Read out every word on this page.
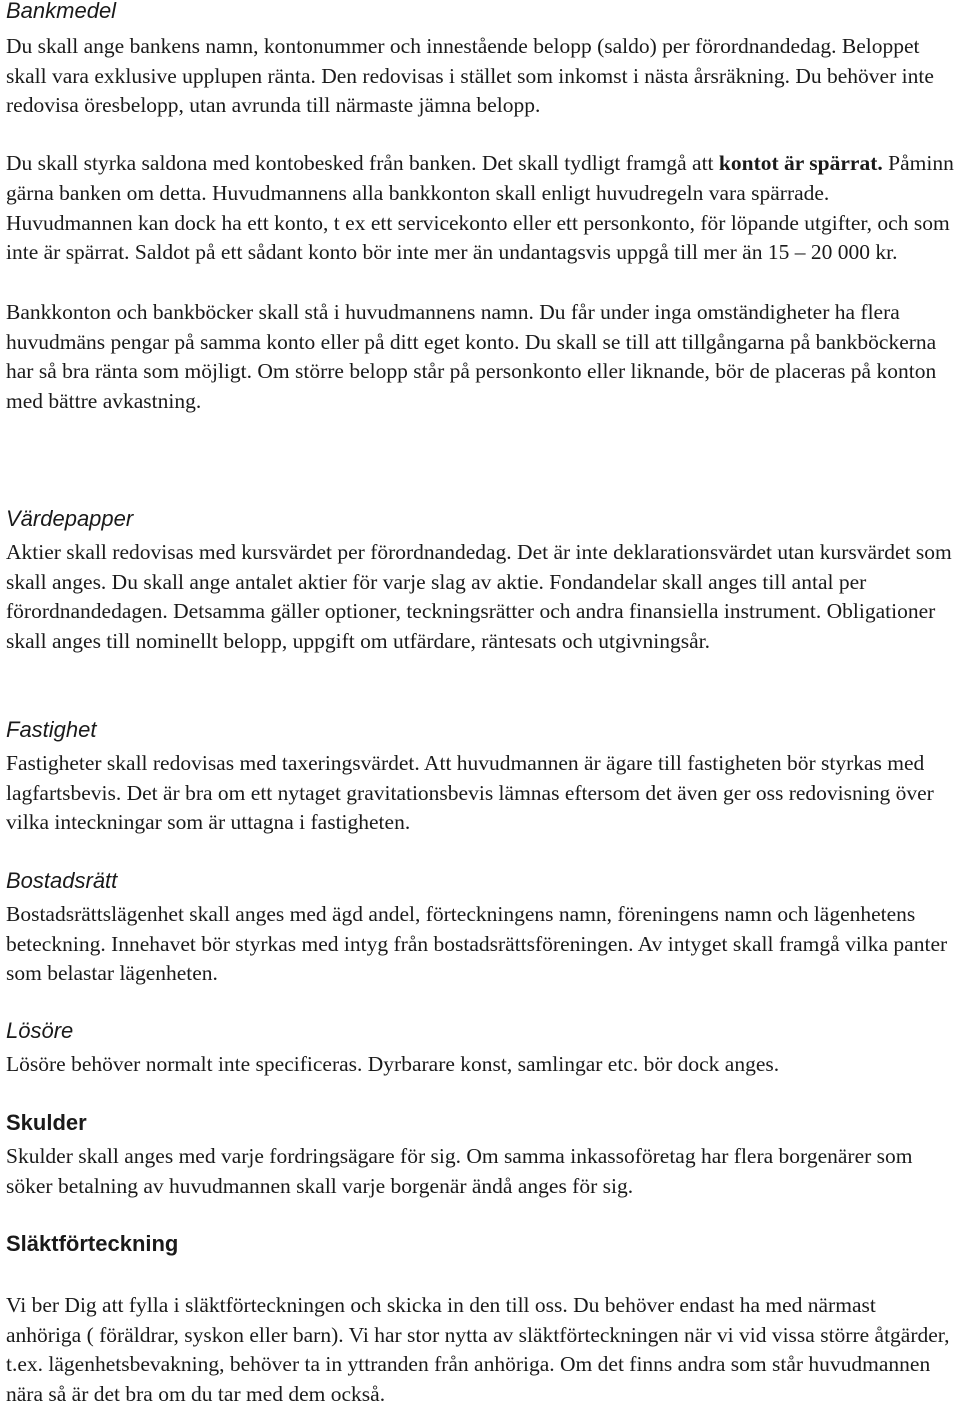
Bankmedel

Du skall ange bankens namn, kontonummer och innestående belopp (saldo) per förordnandedag. Beloppet skall vara exklusive upplupen ränta. Den redovisas i stället som inkomst i nästa årsräkning. Du behöver inte redovisa öresbelopp, utan avrunda till närmaste jämna belopp.

Du skall styrka saldona med kontobesked från banken. Det skall tydligt framgå att kontot är spärrat. Påminn gärna banken om detta. Huvudmannens alla bankkonton skall enligt huvudregeln vara spärrade. Huvudmannen kan dock ha ett konto, t ex ett servicekonto eller ett personkonto, för löpande utgifter, och som inte är spärrat. Saldot på ett sådant konto bör inte mer än undantagsvis uppgå till mer än 15 – 20 000 kr.

Bankkonton och bankböcker skall stå i huvudmannens namn. Du får under inga omständigheter ha flera huvudmäns pengar på samma konto eller på ditt eget konto. Du skall se till att tillgångarna på bankböckerna har så bra ränta som möjligt. Om större belopp står på personkonto eller liknande, bör de placeras på konton med bättre avkastning.

Värdepapper

Aktier skall redovisas med kursvärdet per förordnandedag. Det är inte deklarationsvärdet utan kursvärdet som skall anges. Du skall ange antalet aktier för varje slag av aktie. Fondandelar skall anges till antal per förordnandedagen. Detsamma gäller optioner, teckningsrätter och andra finansiella instrument. Obligationer skall anges till nominellt belopp, uppgift om utfärdare, räntesats och utgivningsår.

Fastighet

Fastigheter skall redovisas med taxeringsvärdet. Att huvudmannen är ägare till fastigheten bör styrkas med lagfartsbevis. Det är bra om ett nytaget gravitationsbevis lämnas eftersom det även ger oss redovisning över vilka inteckningar som är uttagna i fastigheten.

Bostadsrätt

Bostadsrättslägenhet skall anges med ägd andel, förteckningens namn, föreningens namn och lägenhetens beteckning. Innehavet bör styrkas med intyg från bostadsrättsföreningen. Av intyget skall framgå vilka panter som belastar lägenheten.

Lösöre

Lösöre behöver normalt inte specificeras. Dyrbarare konst, samlingar etc. bör dock anges.

Skulder

Skulder skall anges med varje fordringsägare för sig. Om samma inkassoföretag har flera borgenärer som söker betalning av huvudmannen skall varje borgenär ändå anges för sig.

Släktförteckning

Vi ber Dig att fylla i släktförteckningen och skicka in den till oss. Du behöver endast ha med närmast anhöriga ( föräldrar, syskon eller barn). Vi har stor nytta av släktförteckningen när vi vid vissa större åtgärder, t.ex. lägenhetsbevakning, behöver ta in yttranden från anhöriga. Om det finns andra som står huvudmannen nära så är det bra om du tar med dem också.
